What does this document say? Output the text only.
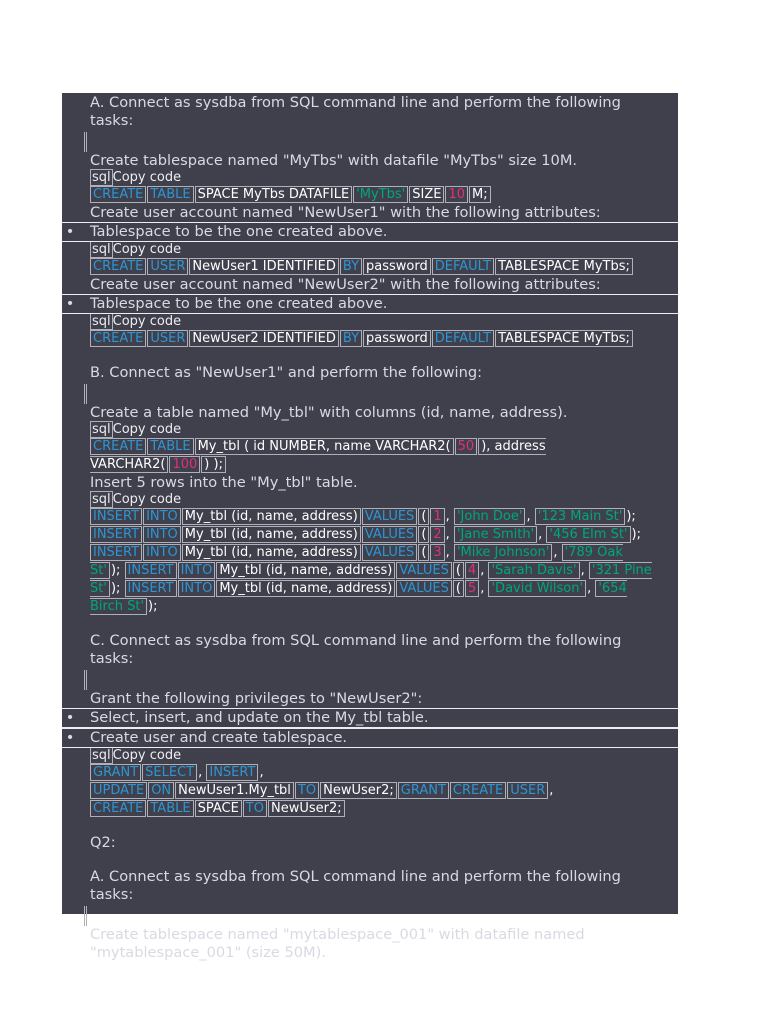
A. Connect as sysdba from SQL command line and perform the following tasks:

Create tablespace named "MyTbs" with datafile "MyTbs" size 10M.

sql Copy code
CREATE TABLE SPACE MyTbs DATAFILE 'MyTbs' SIZE 10 M;

Create user account named "NewUser1" with the following attributes:

• Tablespace to be the one created above.

sql Copy code
CREATE USER NewUser1 IDENTIFIED BY password DEFAULT TABLESPACE MyTbs;

Create user account named "NewUser2" with the following attributes:

• Tablespace to be the one created above.

sql Copy code
CREATE USER NewUser2 IDENTIFIED BY password DEFAULT TABLESPACE MyTbs;

B. Connect as "NewUser1" and perform the following:

Create a table named "My_tbl" with columns (id, name, address).

sql Copy code
CREATE TABLE My_tbl ( id NUMBER, name VARCHAR2( 50 ), address VARCHAR2( 100 ) );

Insert 5 rows into the "My_tbl" table.

sql Copy code
INSERT INTO My_tbl (id, name, address) VALUES ( 1 , 'John Doe' , '123 Main St' ); INSERT INTO My_tbl (id, name, address) VALUES ( 2 , 'Jane Smith' , '456 Elm St' ); INSERT INTO My_tbl (id, name, address) VALUES ( 3 , 'Mike Johnson' , '789 Oak St' ); INSERT INTO My_tbl (id, name, address) VALUES ( 4 , 'Sarah Davis' , '321 Pine St' ); INSERT INTO My_tbl (id, name, address) VALUES ( 5 , 'David Wilson' , '654 Birch St' );

C. Connect as sysdba from SQL command line and perform the following tasks:

Grant the following privileges to "NewUser2":

• Select, insert, and update on the My_tbl table.

• Create user and create tablespace.

sql Copy code
GRANT SELECT , INSERT , UPDATE ON NewUser1.My_tbl TO NewUser2; GRANT CREATE USER , CREATE TABLE SPACE TO NewUser2;

Q2:

A. Connect as sysdba from SQL command line and perform the following tasks:

Create tablespace named "mytablespace_001" with datafile named "mytablespace_001" (size 50M).
